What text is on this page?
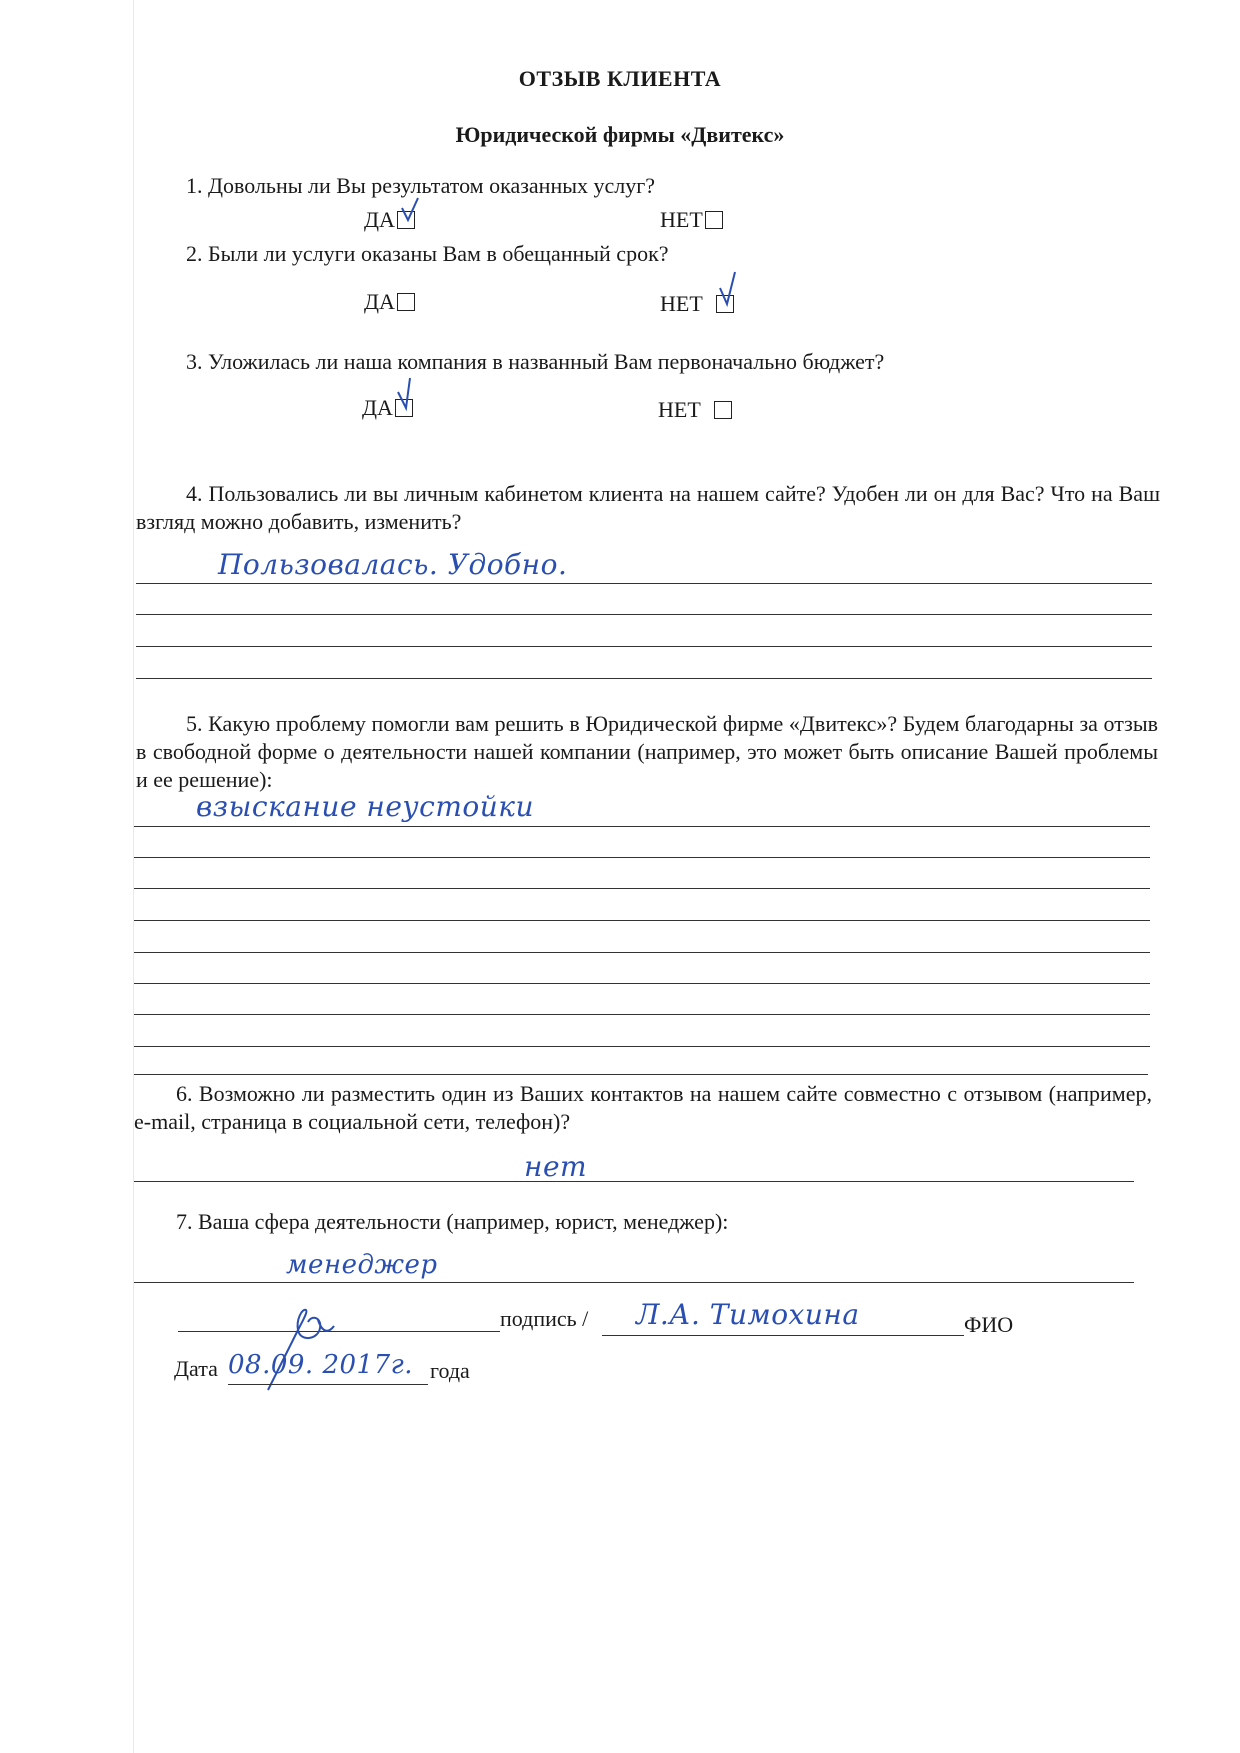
ОТЗЫВ КЛИЕНТА
Юридической фирмы «Двитекс»
1. Довольны ли Вы результатом оказанных услуг?
ДА	НЕТ
2. Были ли услуги оказаны Вам в обещанный срок?
ДА	НЕТ
3. Уложилась ли наша компания в названный Вам первоначально бюджет?
ДА	НЕТ
4. Пользовались ли вы личным кабинетом клиента на нашем сайте? Удобен ли он для Вас? Что на Ваш взгляд можно добавить, изменить?
Пользовалась. Удобно.
5. Какую проблему помогли вам решить в Юридической фирме «Двитекс»? Будем благодарны за отзыв в свободной форме о деятельности нашей компании (например, это может быть описание Вашей проблемы и ее решение):
взыскание неустойки
6. Возможно ли разместить один из Ваших контактов на нашем сайте совместно с отзывом (например, e-mail, страница в социальной сети, телефон)?
нет
7. Ваша сфера деятельности (например, юрист, менеджер):
менеджер
подпись / Л.А. Тимохина	ФИО
Дата 08.09. 2017г. года
